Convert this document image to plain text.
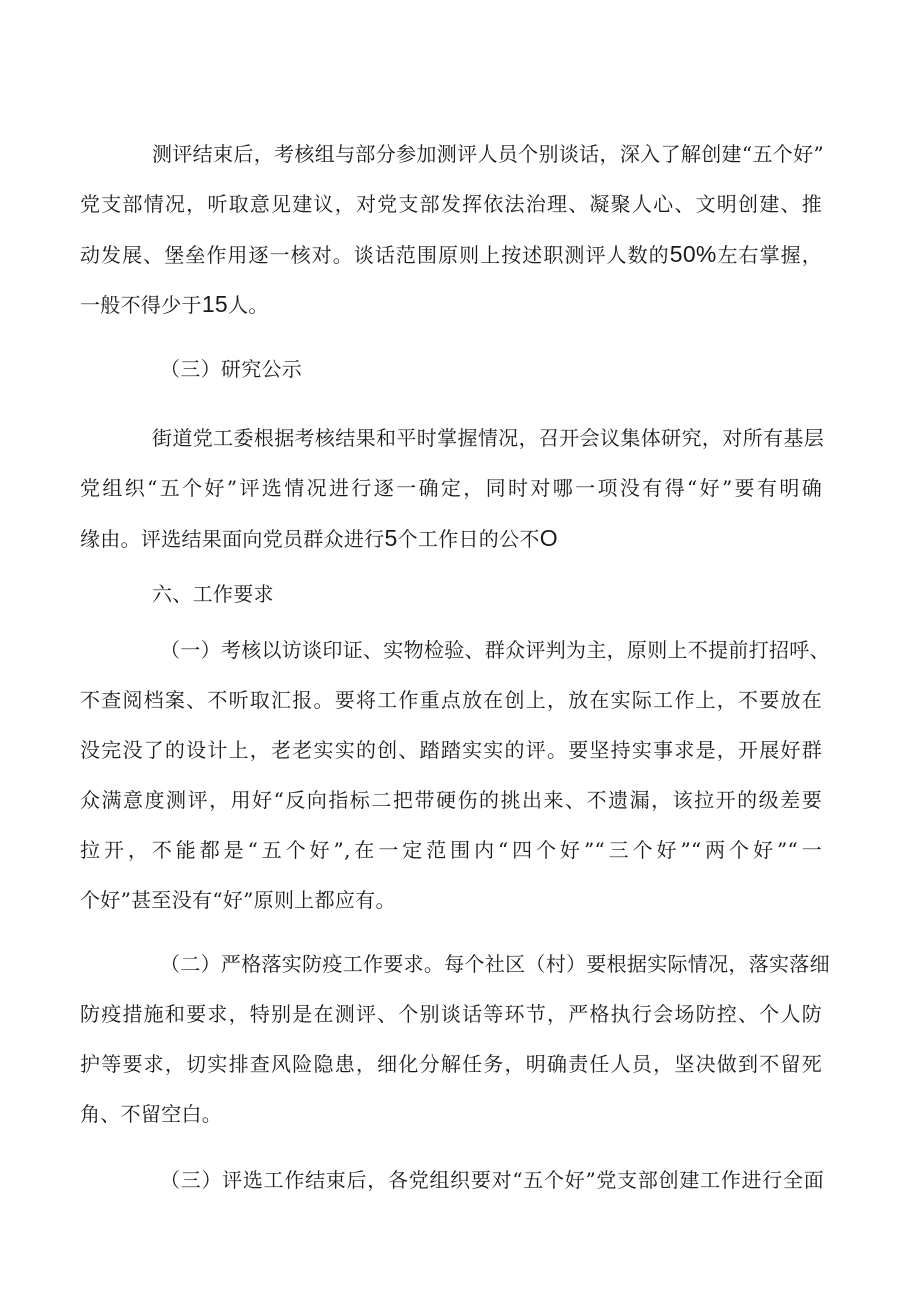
测评结束后，考核组与部分参加测评人员个别谈话，深入了解创建“五个好”
党支部情况，听取意见建议，对党支部发挥依法治理、凝聚人心、文明创建、推
动发展、堡垒作用逐一核对。谈话范围原则上按述职测评人数的50%左右掌握，
一般不得少于15人。
（三）研究公示
街道党工委根据考核结果和平时掌握情况，召开会议集体研究，对所有基层
党组织“五个好”评选情况进行逐一确定，同时对哪一项没有得“好”要有明确
缘由。评选结果面向党员群众进行5个工作日的公不O
六、工作要求
（一）考核以访谈印证、实物检验、群众评判为主，原则上不提前打招呼、
不查阅档案、不听取汇报。要将工作重点放在创上，放在实际工作上，不要放在
没完没了的设计上，老老实实的创、踏踏实实的评。要坚持实事求是，开展好群
众满意度测评，用好“反向指标二把带硬伤的挑出来、不遗漏，该拉开的级差要
拉开，不能都是“五个好”,在一定范围内“四个好”“三个好”“两个好”“一
个好”甚至没有“好”原则上都应有。
（二）严格落实防疫工作要求。每个社区（村）要根据实际情况，落实落细
防疫措施和要求，特别是在测评、个别谈话等环节，严格执行会场防控、个人防
护等要求，切实排查风险隐患，细化分解任务，明确责任人员，坚决做到不留死
角、不留空白。
（三）评选工作结束后，各党组织要对“五个好”党支部创建工作进行全面
